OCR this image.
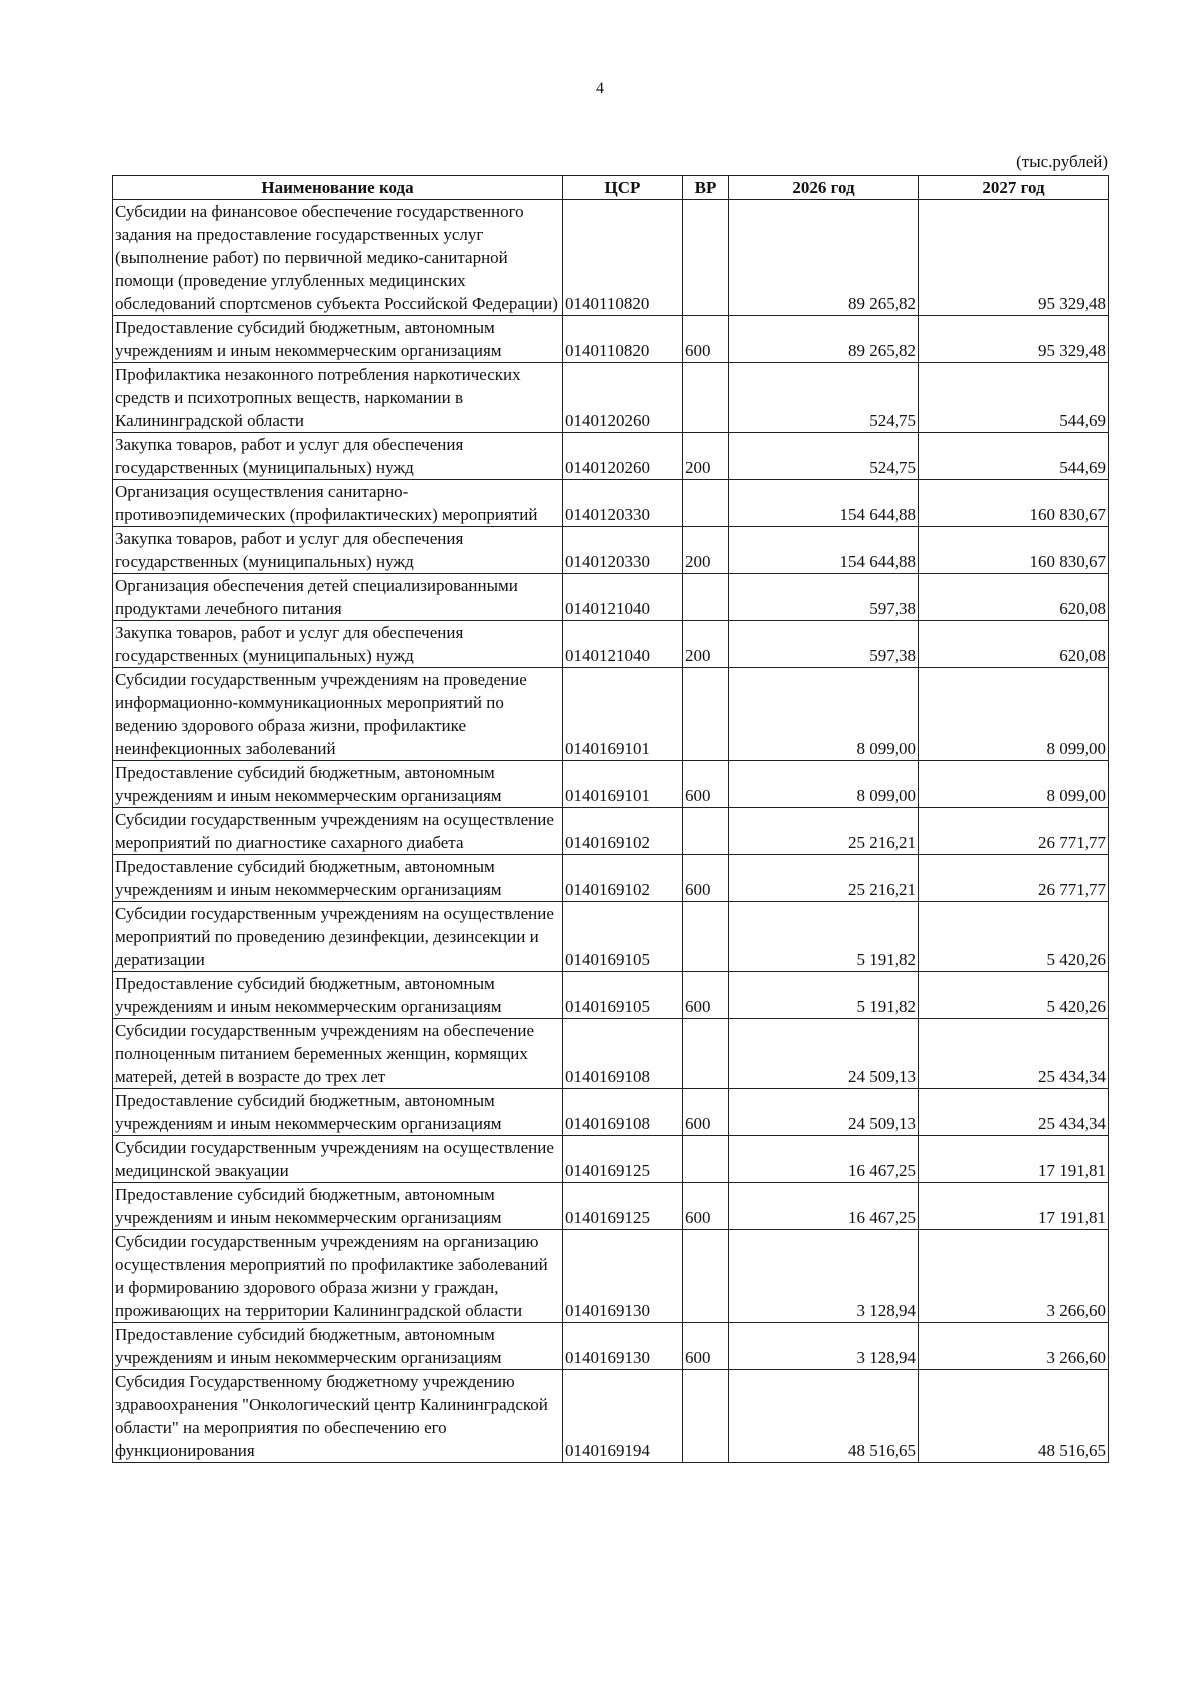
4
(тыс.рублей)
Наименование кода	ЦСР	ВР	2026 год	2027 год
Субсидии на финансовое обеспечение государственного задания на предоставление государственных услуг (выполнение работ) по первичной медико-санитарной помощи (проведение углубленных медицинских обследований спортсменов субъекта Российской Федерации)	0140110820		89 265,82	95 329,48
Предоставление субсидий бюджетным, автономным учреждениям и иным некоммерческим организациям	0140110820	600	89 265,82	95 329,48
Профилактика незаконного потребления наркотических средств и психотропных веществ, наркомании в Калининградской области	0140120260		524,75	544,69
Закупка товаров, работ и услуг для обеспечения государственных (муниципальных) нужд	0140120260	200	524,75	544,69
Организация осуществления санитарно-противоэпидемических (профилактических) мероприятий	0140120330		154 644,88	160 830,67
Закупка товаров, работ и услуг для обеспечения государственных (муниципальных) нужд	0140120330	200	154 644,88	160 830,67
Организация обеспечения детей специализированными продуктами лечебного питания	0140121040		597,38	620,08
Закупка товаров, работ и услуг для обеспечения государственных (муниципальных) нужд	0140121040	200	597,38	620,08
Субсидии государственным учреждениям на проведение информационно-коммуникационных мероприятий по ведению здорового образа жизни, профилактике неинфекционных заболеваний	0140169101		8 099,00	8 099,00
Предоставление субсидий бюджетным, автономным учреждениям и иным некоммерческим организациям	0140169101	600	8 099,00	8 099,00
Субсидии государственным учреждениям на осуществление мероприятий по диагностике сахарного диабета	0140169102		25 216,21	26 771,77
Предоставление субсидий бюджетным, автономным учреждениям и иным некоммерческим организациям	0140169102	600	25 216,21	26 771,77
Субсидии государственным учреждениям на осуществление мероприятий по проведению дезинфекции, дезинсекции и дератизации	0140169105		5 191,82	5 420,26
Предоставление субсидий бюджетным, автономным учреждениям и иным некоммерческим организациям	0140169105	600	5 191,82	5 420,26
Субсидии государственным учреждениям на обеспечение полноценным питанием беременных женщин, кормящих матерей, детей в возрасте до трех лет	0140169108		24 509,13	25 434,34
Предоставление субсидий бюджетным, автономным учреждениям и иным некоммерческим организациям	0140169108	600	24 509,13	25 434,34
Субсидии государственным учреждениям на осуществление медицинской эвакуации	0140169125		16 467,25	17 191,81
Предоставление субсидий бюджетным, автономным учреждениям и иным некоммерческим организациям	0140169125	600	16 467,25	17 191,81
Субсидии государственным учреждениям на организацию осуществления мероприятий по профилактике заболеваний и формированию здорового образа жизни у граждан, проживающих на территории Калининградской области	0140169130		3 128,94	3 266,60
Предоставление субсидий бюджетным, автономным учреждениям и иным некоммерческим организациям	0140169130	600	3 128,94	3 266,60
Субсидия Государственному бюджетному учреждению здравоохранения "Онкологический центр Калининградской области" на мероприятия по обеспечению его функционирования	0140169194		48 516,65	48 516,65
